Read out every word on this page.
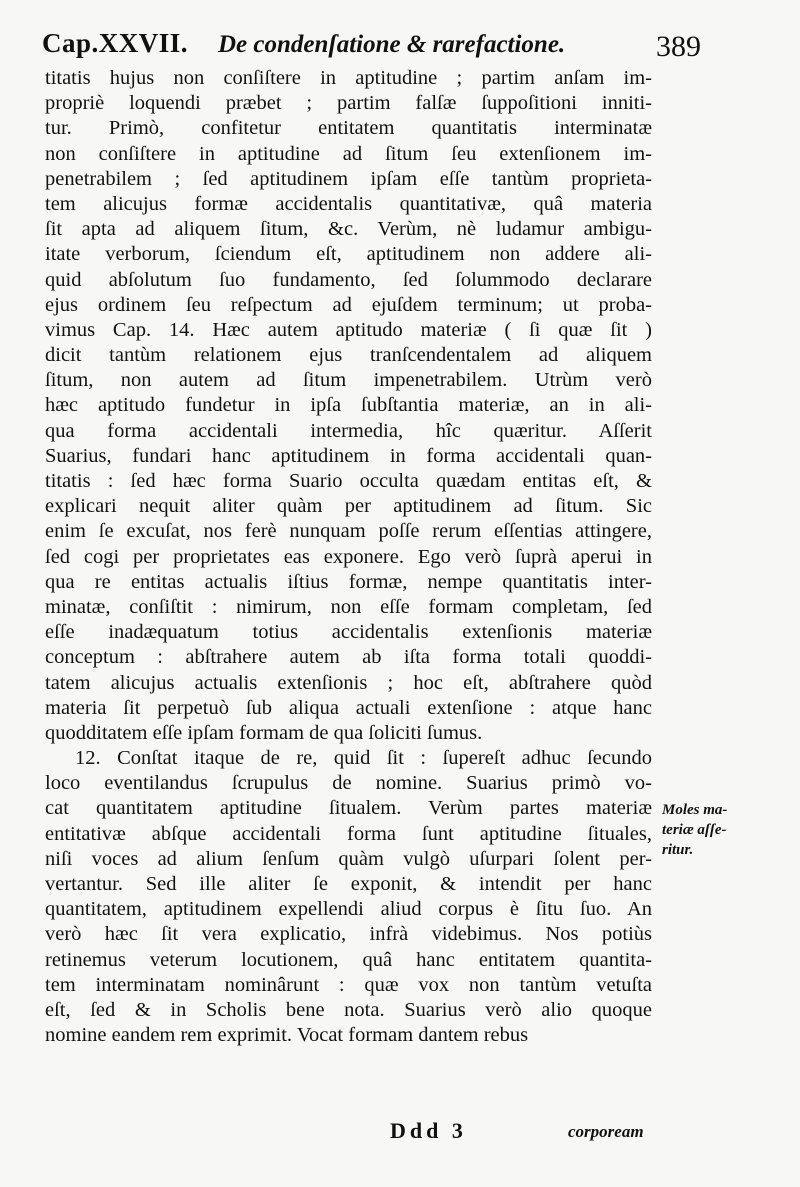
Cap.XXVII. De condenſatione & rarefactione.	389
titatis hujus non conſiſtere in aptitudine ; partim anſam im-
propriè loquendi præbet ; partim falſæ ſuppoſitioni inniti-
tur. Primò, confitetur entitatem quantitatis interminatæ
non conſiſtere in aptitudine ad ſitum ſeu extenſionem im-
penetrabilem ; ſed aptitudinem ipſam eſſe tantùm proprieta-
tem alicujus formæ accidentalis quantitativæ, quâ materia
ſit apta ad aliquem ſitum, &c. Verùm, nè ludamur ambigu-
itate verborum, ſciendum eſt, aptitudinem non addere ali-
quid abſolutum ſuo fundamento, ſed ſolummodo declarare
ejus ordinem ſeu reſpectum ad ejuſdem terminum; ut proba-
vimus Cap. 14. Hæc autem aptitudo materiæ ( ſi quæ ſit )
dicit tantùm relationem ejus tranſcendentalem ad aliquem
ſitum, non autem ad ſitum impenetrabilem. Utrùm verò
hæc aptitudo fundetur in ipſa ſubſtantia materiæ, an in ali-
qua forma accidentali intermedia, hîc quæritur. Aſſerit
Suarius, fundari hanc aptitudinem in forma accidentali quan-
titatis : ſed hæc forma Suario occulta quædam entitas eſt, &
explicari nequit aliter quàm per aptitudinem ad ſitum. Sic
enim ſe excuſat, nos ferè nunquam poſſe rerum eſſentias attingere,
ſed cogi per proprietates eas exponere. Ego verò ſuprà aperui in
qua re entitas actualis iſtius formæ, nempe quantitatis inter-
minatæ, conſiſtit : nimirum, non eſſe formam completam, ſed
eſſe inadæquatum totius accidentalis extenſionis materiæ
conceptum : abſtrahere autem ab iſta forma totali quoddi-
tatem alicujus actualis extenſionis ; hoc eſt, abſtrahere quòd
materia ſit perpetuò ſub aliqua actuali extenſione : atque hanc
quodditatem eſſe ipſam formam de qua ſoliciti ſumus.
12. Conſtat itaque de re, quid ſit : ſupereſt adhuc ſecundo
loco eventilandus ſcrupulus de nomine. Suarius primò vo-
cat quantitatem aptitudine ſitualem. Verùm partes materiæ
entitativæ abſque accidentali forma ſunt aptitudine ſituales,
niſi voces ad alium ſenſum quàm vulgò uſurpari ſolent per-
vertantur. Sed ille aliter ſe exponit, & intendit per hanc
quantitatem, aptitudinem expellendi aliud corpus è ſitu ſuo. An
verò hæc ſit vera explicatio, infrà videbimus. Nos potiùs
retinemus veterum locutionem, quâ hanc entitatem quantita-
tem interminatam nominârunt : quæ vox non tantùm vetuſta
eſt, ſed & in Scholis bene nota. Suarius verò alio quoque
nomine eandem rem exprimit. Vocat formam dantem rebus
Moles ma-
teriæ aſſe-
ritur.
Ddd 3	corpoream
